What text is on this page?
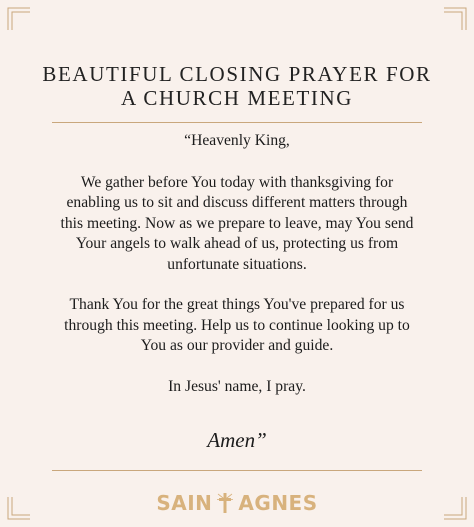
BEAUTIFUL CLOSING PRAYER FOR
A CHURCH MEETING

“Heavenly King,

We gather before You today with thanksgiving for
enabling us to sit and discuss different matters through
this meeting. Now as we prepare to leave, may You send
Your angels to walk ahead of us, protecting us from
unfortunate situations.

Thank You for the great things You've prepared for us
through this meeting. Help us to continue looking up to
You as our provider and guide.

In Jesus' name, I pray.

Amen”
SAIN AGNES
